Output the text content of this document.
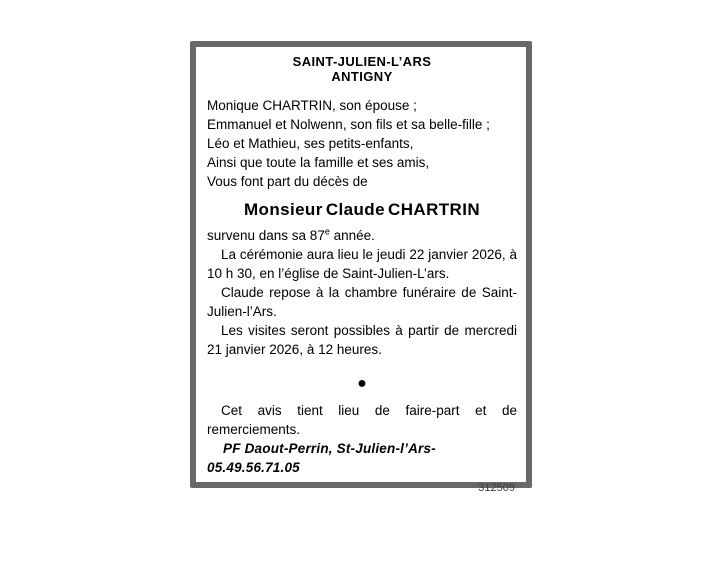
SAINT-JULIEN-L’ARS
ANTIGNY

Monique CHARTRIN, son épouse ;

Emmanuel et Nolwenn, son fils et sa belle-fille ;

Léo et Mathieu, ses petits-enfants,

Ainsi que toute la famille et ses amis,

Vous font part du décès de

Monsieur Claude CHARTRIN

survenu dans sa 87e année.

La cérémonie aura lieu le jeudi 22 janvier 2026, à 10 h 30, en l’église de Saint-Julien-L’ars.

Claude repose à la chambre funéraire de Saint-Julien-l’Ars.

Les visites seront possibles à partir de mercredi 21 janvier 2026, à 12 heures.

●

Cet avis tient lieu de faire-part et de remerciements.

PF Daout-Perrin, St-Julien-l’Ars-05.49.56.71.05

312509
